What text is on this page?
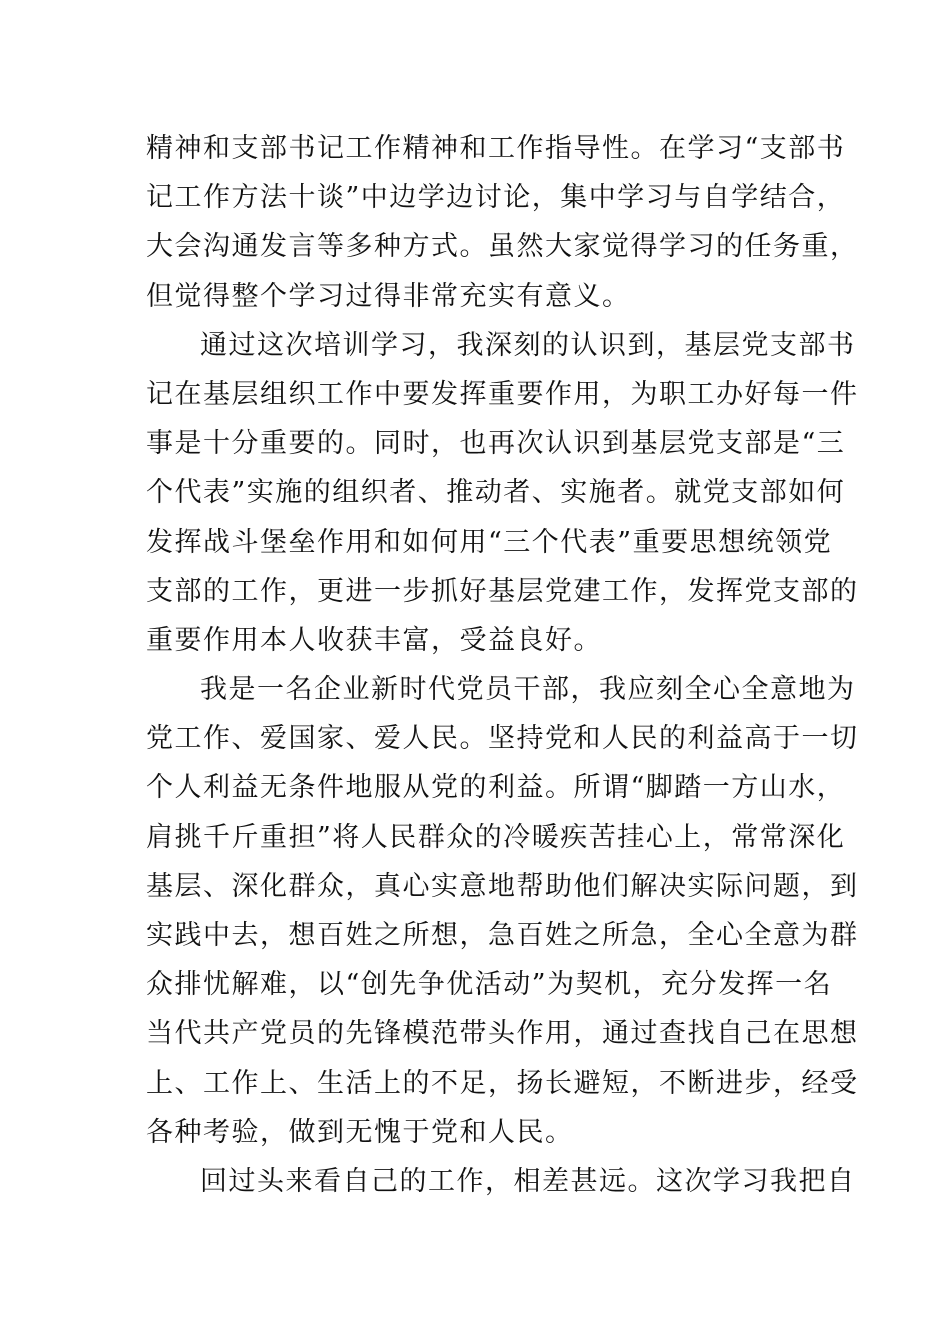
精神和支部书记工作精神和工作指导性。在学习“支部书
记工作方法十谈”中边学边讨论，集中学习与自学结合，
大会沟通发言等多种方式。虽然大家觉得学习的任务重，
但觉得整个学习过得非常充实有意义。
通过这次培训学习，我深刻的认识到，基层党支部书
记在基层组织工作中要发挥重要作用，为职工办好每一件
事是十分重要的。同时，也再次认识到基层党支部是“三
个代表”实施的组织者、推动者、实施者。就党支部如何
发挥战斗堡垒作用和如何用“三个代表”重要思想统领党
支部的工作，更进一步抓好基层党建工作，发挥党支部的
重要作用本人收获丰富，受益良好。
我是一名企业新时代党员干部，我应刻全心全意地为
党工作、爱国家、爱人民。坚持党和人民的利益高于一切
个人利益无条件地服从党的利益。所谓“脚踏一方山水，
肩挑千斤重担”将人民群众的冷暖疾苦挂心上，常常深化
基层、深化群众，真心实意地帮助他们解决实际问题，到
实践中去，想百姓之所想，急百姓之所急，全心全意为群
众排忧解难，以“创先争优活动”为契机，充分发挥一名
当代共产党员的先锋模范带头作用，通过查找自己在思想
上、工作上、生活上的不足，扬长避短，不断进步，经受
各种考验，做到无愧于党和人民。
回过头来看自己的工作，相差甚远。这次学习我把自
